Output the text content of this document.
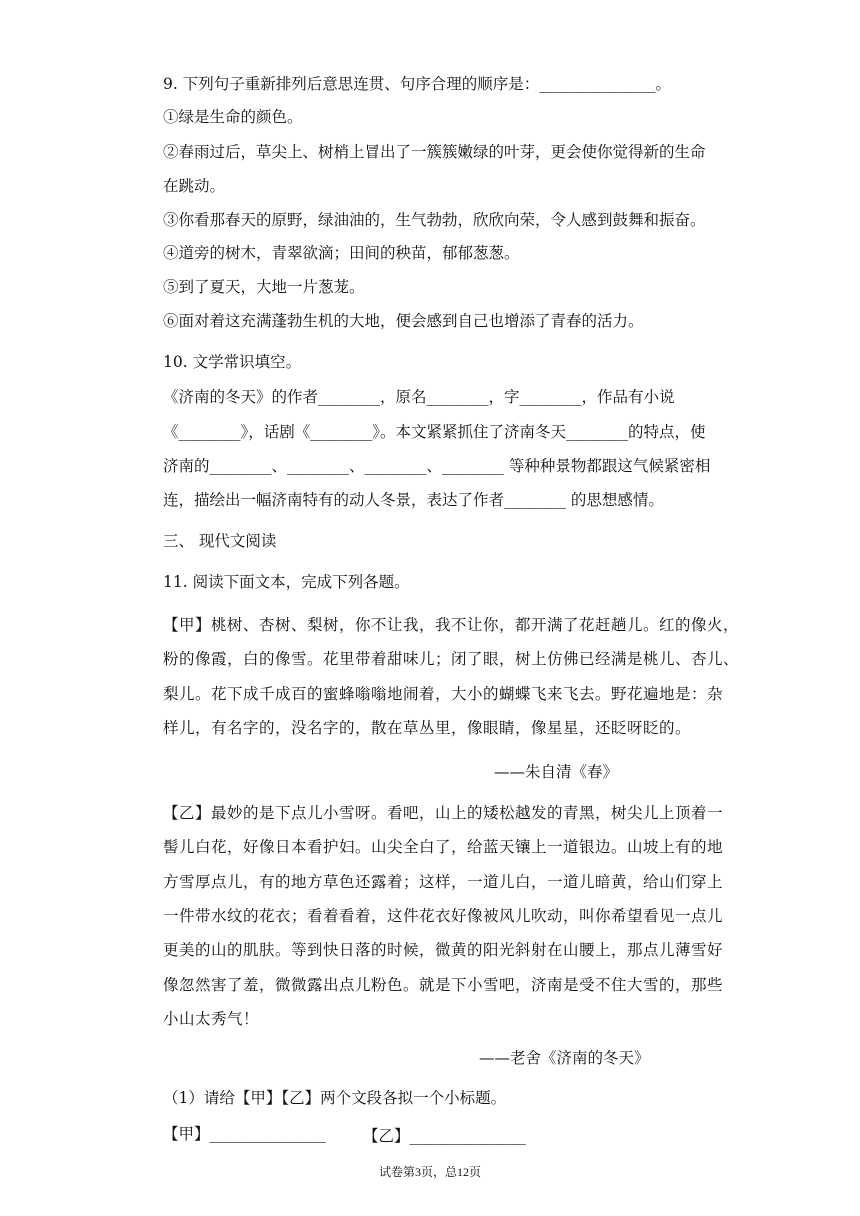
9. 下列句子重新排列后意思连贯、句序合理的顺序是：_______________。
①绿是生命的颜色。
②春雨过后，草尖上、树梢上冒出了一簇簇嫩绿的叶芽，更会使你觉得新的生命
在跳动。
③你看那春天的原野，绿油油的，生气勃勃，欣欣向荣，令人感到鼓舞和振奋。
④道旁的树木，青翠欲滴；田间的秧苗，郁郁葱葱。
⑤到了夏天，大地一片葱茏。
⑥面对着这充满蓬勃生机的大地，便会感到自己也增添了青春的活力。
10. 文学常识填空。
《济南的冬天》的作者________，原名________，字________，作品有小说
《________》，话剧《________》。本文紧紧抓住了济南冬天________的特点，使
济南的________、________、________、________ 等种种景物都跟这气候紧密相
连，描绘出一幅济南特有的动人冬景，表达了作者________ 的思想感情。
三、 现代文阅读
11. 阅读下面文本，完成下列各题。
【甲】桃树、杏树、梨树，你不让我，我不让你，都开满了花赶趟儿。红的像火，
粉的像霞，白的像雪。花里带着甜味儿；闭了眼，树上仿佛已经满是桃儿、杏儿、
梨儿。花下成千成百的蜜蜂嗡嗡地闹着，大小的蝴蝶飞来飞去。野花遍地是：杂
样儿，有名字的，没名字的，散在草丛里，像眼睛，像星星，还眨呀眨的。
——朱自清《春》
【乙】最妙的是下点儿小雪呀。看吧，山上的矮松越发的青黑，树尖儿上顶着一
髻儿白花，好像日本看护妇。山尖全白了，给蓝天镶上一道银边。山坡上有的地
方雪厚点儿，有的地方草色还露着；这样，一道儿白，一道儿暗黄，给山们穿上
一件带水纹的花衣；看着看着，这件花衣好像被风儿吹动，叫你希望看见一点儿
更美的山的肌肤。等到快日落的时候，微黄的阳光斜射在山腰上，那点儿薄雪好
像忽然害了羞，微微露出点儿粉色。就是下小雪吧，济南是受不住大雪的，那些
小山太秀气！
——老舍《济南的冬天》
（1）请给【甲】【乙】两个文段各拟一个小标题。
【甲】_______________ 【乙】_______________
试卷第3页，总12页
